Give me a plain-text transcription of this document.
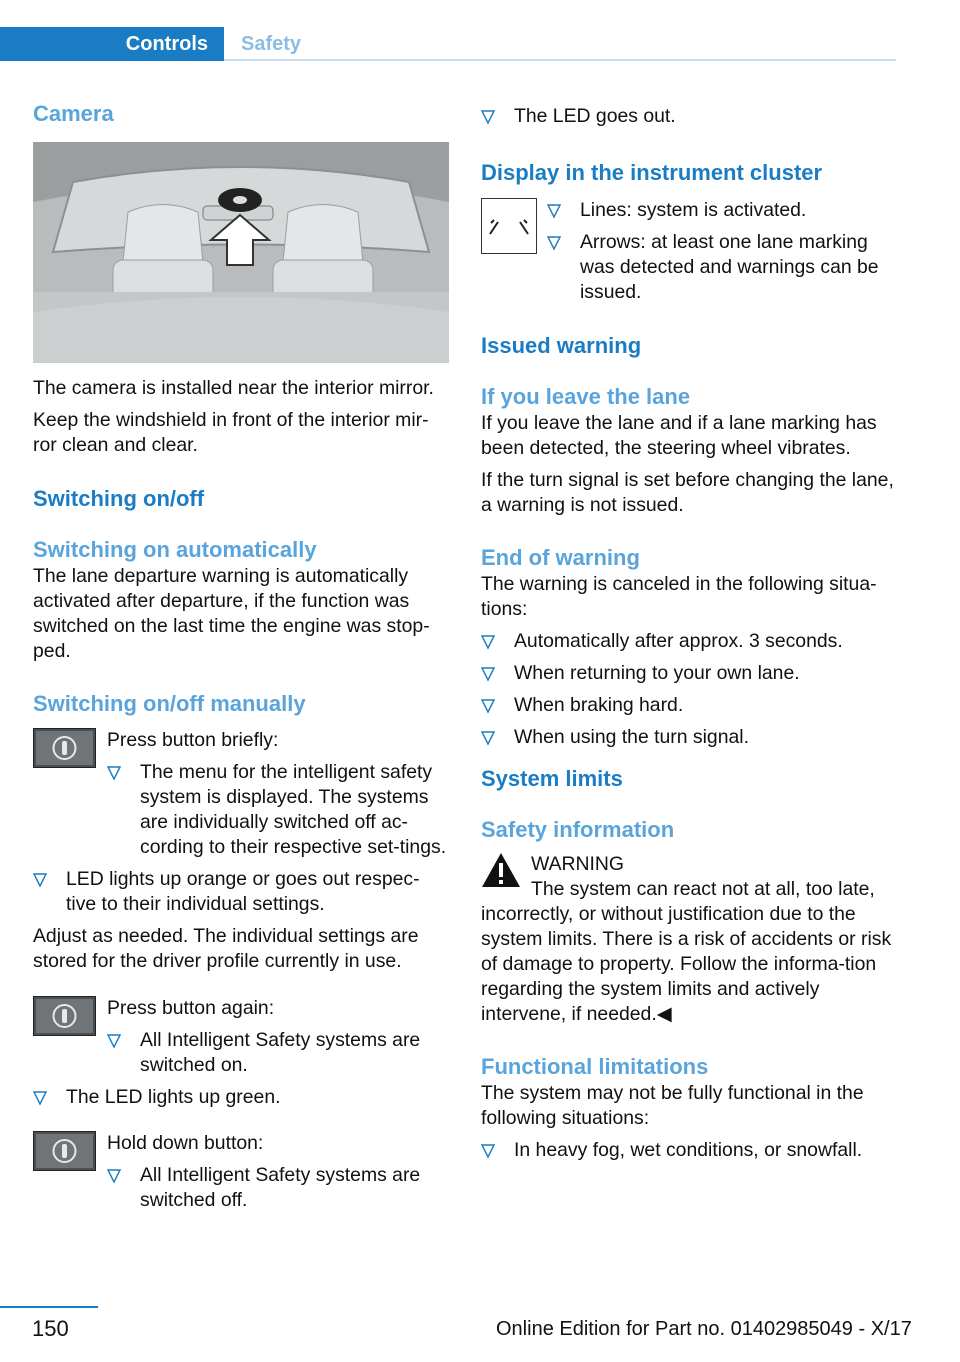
Controls Safety
Camera

The camera is installed near the interior mirror.

Keep the windshield in front of the interior mir-ror clean and clear.

Switching on/off
Switching on automatically

The lane departure warning is automatically activated after departure, if the function was switched on the last time the engine was stop-ped.

Switching on/off manually

Press button briefly:

The menu for the intelligent safety system is displayed. The systems are individually switched off ac-cording to their respective set-tings.
LED lights up orange or goes out respec-tive to their individual settings.

Adjust as needed. The individual settings are stored for the driver profile currently in use.

Press button again:

All Intelligent Safety systems are switched on.
The LED lights up green.

Hold down button:

All Intelligent Safety systems are switched off.
The LED goes out.
Display in the instrument cluster
Lines: system is activated.
Arrows: at least one lane marking was detected and warnings can be issued.
Issued warning
If you leave the lane

If you leave the lane and if a lane marking has been detected, the steering wheel vibrates.

If the turn signal is set before changing the lane, a warning is not issued.

End of warning

The warning is canceled in the following situa-tions:

Automatically after approx. 3 seconds.
When returning to your own lane.
When braking hard.
When using the turn signal.
System limits
Safety information

WARNING

The system can react not at all, too late, incorrectly, or without justification due to the system limits. There is a risk of accidents or risk of damage to property. Follow the informa-tion regarding the system limits and actively intervene, if needed.◀

Functional limitations

The system may not be fully functional in the following situations:

In heavy fog, wet conditions, or snowfall.
150	Online Edition for Part no. 01402985049 - X/17
